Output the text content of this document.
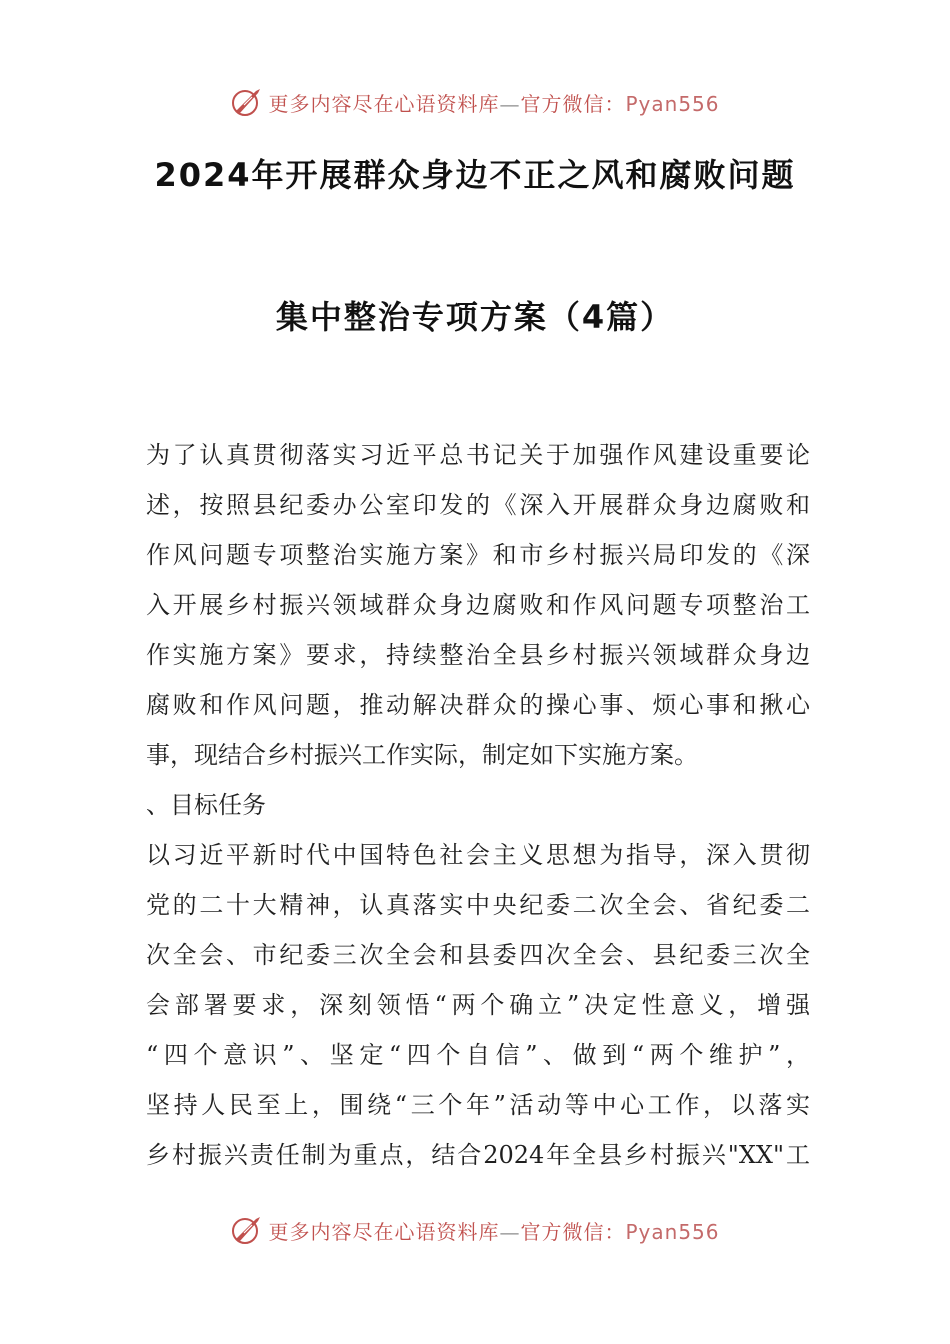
更多内容尽在心语资料库—官方微信：Pyan556
2024年开展群众身边不正之风和腐败问题
集中整治专项方案（4篇）
为了认真贯彻落实习近平总书记关于加强作风建设重要论
述，按照县纪委办公室印发的《深入开展群众身边腐败和
作风问题专项整治实施方案》和市乡村振兴局印发的《深
入开展乡村振兴领域群众身边腐败和作风问题专项整治工
作实施方案》要求，持续整治全县乡村振兴领域群众身边
腐败和作风问题，推动解决群众的操心事、烦心事和揪心
事，现结合乡村振兴工作实际，制定如下实施方案。
、目标任务
以习近平新时代中国特色社会主义思想为指导，深入贯彻
党的二十大精神，认真落实中央纪委二次全会、省纪委二
次全会、市纪委三次全会和县委四次全会、县纪委三次全
会部署要求，深刻领悟“两个确立”决定性意义，增强
“四个意识”、坚定“四个自信”、做到“两个维护”，
坚持人民至上，围绕“三个年”活动等中心工作，以落实
乡村振兴责任制为重点，结合2024年全县乡村振兴"XX"工
更多内容尽在心语资料库—官方微信：Pyan556
